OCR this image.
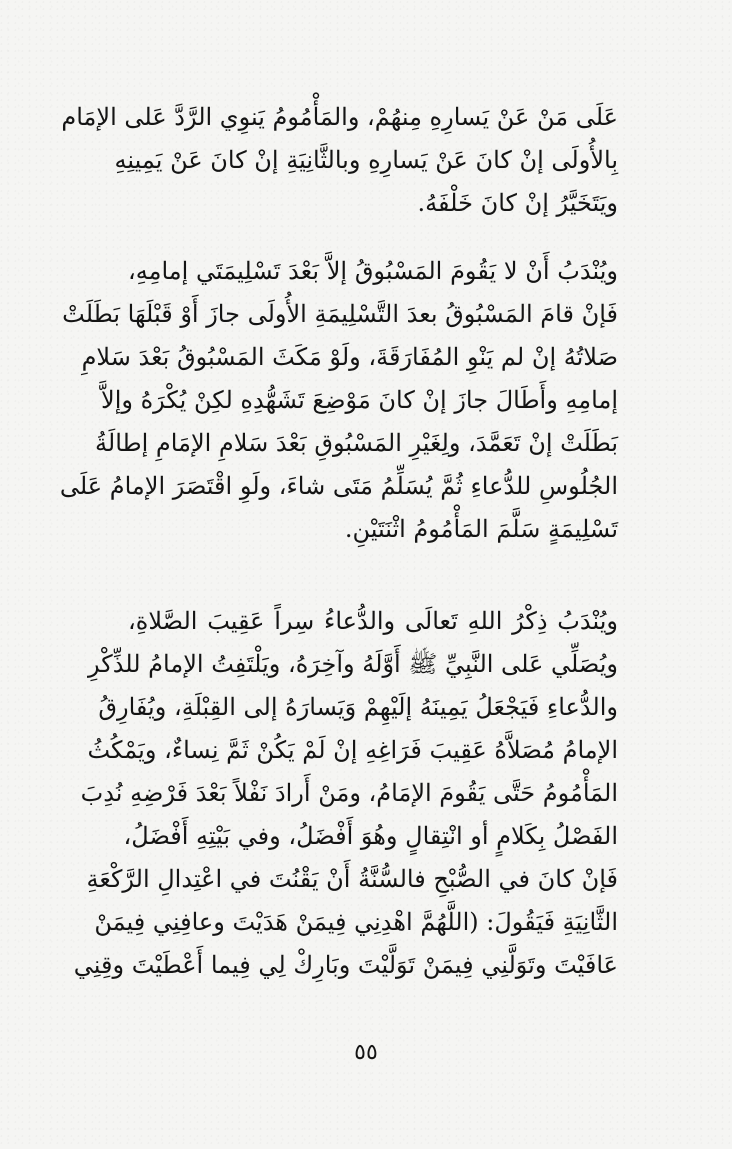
عَلَى مَنْ عَنْ يَسارِهِ مِنهُمْ، والمَأْمُومُ يَنوِي الرَّدَّ عَلى الإمَام
بِالأُولَى إنْ كانَ عَنْ يَسارِهِ وبالثَّانِيَةِ إنْ كانَ عَنْ يَمِينِهِ
ويَتَخَيَّرُ إنْ كانَ خَلْفَهُ.
ويُنْدَبُ أَنْ لا يَقُومَ المَسْبُوقُ إلاَّ بَعْدَ تَسْلِيمَتَي إمامِهِ،
فَإنْ قامَ المَسْبُوقُ بعدَ التَّسْلِيمَةِ الأُولَى جازَ أَوْ قَبْلَهَا بَطَلَتْ
صَلاتُهُ إنْ لم يَنْوِ المُفَارَقَةَ، ولَوْ مَكَثَ المَسْبُوقُ بَعْدَ سَلامِ
إمامِهِ وأَطَالَ جازَ إنْ كانَ مَوْضِعَ تَشَهُّدِهِ لكِنْ يُكْرَهُ وإلاَّ
بَطَلَتْ إنْ تَعَمَّدَ، ولِغَيْرِ المَسْبُوقِ بَعْدَ سَلامِ الإمَامِ إطالَةُ
الجُلُوسِ للدُّعاءِ ثُمَّ يُسَلِّمُ مَتَى شاءَ، ولَوِ اقْتَصَرَ الإمامُ عَلَى
تَسْلِيمَةٍ سَلَّمَ المَأْمُومُ اثْنَتَيْنِ.
ويُنْدَبُ ذِكْرُ اللهِ تَعالَى والدُّعاءُ سِراً عَقِيبَ الصَّلاةِ،
ويُصَلِّي عَلى النَّبِيِّ ﷺ أَوَّلَهُ وآخِرَهُ، ويَلْتَفِتُ الإمامُ للذِّكْرِ
والدُّعاءِ فَيَجْعَلُ يَمِينَهُ إلَيْهِمْ وَيَسارَهُ إلى القِبْلَةِ، ويُفَارِقُ
الإمامُ مُصَلاَّهُ عَقِيبَ فَرَاغِهِ إنْ لَمْ يَكُنْ ثَمَّ نِساءٌ، ويَمْكُثُ
المَأْمُومُ حَتَّى يَقُومَ الإمَامُ، ومَنْ أَرادَ نَفْلاً بَعْدَ فَرْضِهِ نُدِبَ
الفَصْلُ بِكَلامٍ أو انْتِقالٍ وهُوَ أَفْضَلُ، وفي بَيْتِهِ أَفْضَلُ،
فَإنْ كانَ في الصُّبْحِ فالسُّنَّةُ أَنْ يَقْنُتَ في اعْتِدالِ الرَّكْعَةِ
الثَّانِيَةِ فَيَقُولَ: (اللَّهُمَّ اهْدِنِي فِيمَنْ هَدَيْتَ وعافِنِي فِيمَنْ
عَافَيْتَ وتَوَلَّنِي فِيمَنْ تَوَلَّيْتَ وبَارِكْ لِي فِيما أَعْطَيْتَ وقِنِي
٥٥
